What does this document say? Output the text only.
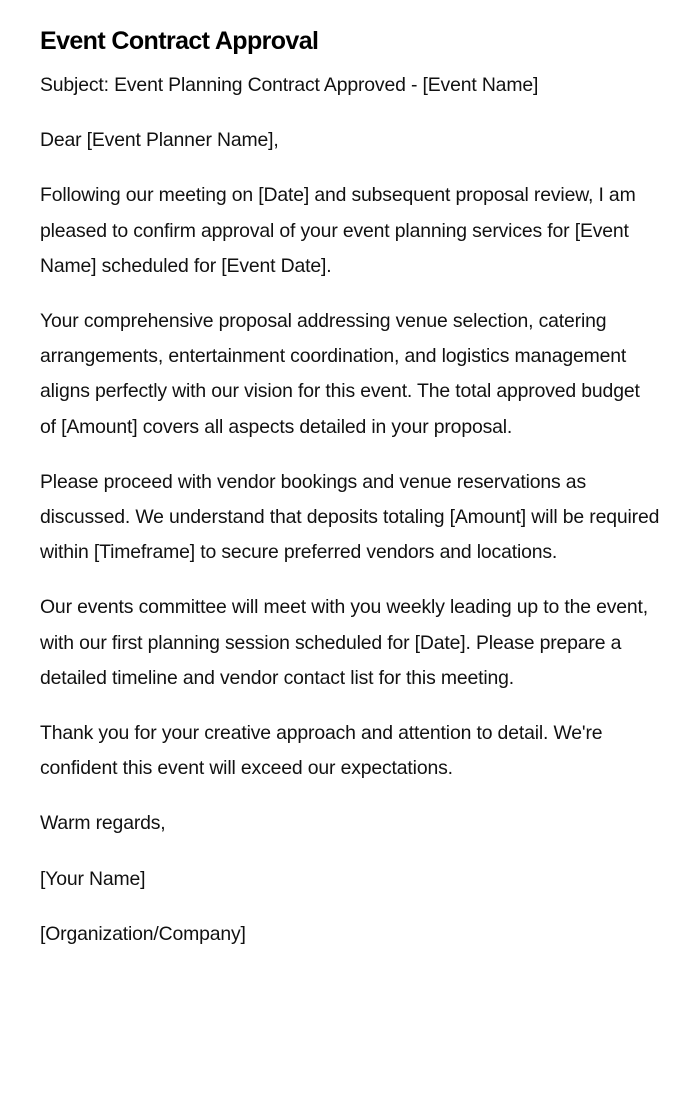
Event Contract Approval

Subject: Event Planning Contract Approved - [Event Name]

Dear [Event Planner Name],

Following our meeting on [Date] and subsequent proposal review, I am pleased to confirm approval of your event planning services for [Event Name] scheduled for [Event Date].

Your comprehensive proposal addressing venue selection, catering arrangements, entertainment coordination, and logistics management aligns perfectly with our vision for this event. The total approved budget of [Amount] covers all aspects detailed in your proposal.

Please proceed with vendor bookings and venue reservations as discussed. We understand that deposits totaling [Amount] will be required within [Timeframe] to secure preferred vendors and locations.

Our events committee will meet with you weekly leading up to the event, with our first planning session scheduled for [Date]. Please prepare a detailed timeline and vendor contact list for this meeting.

Thank you for your creative approach and attention to detail. We're confident this event will exceed our expectations.

Warm regards,

[Your Name]

[Organization/Company]
